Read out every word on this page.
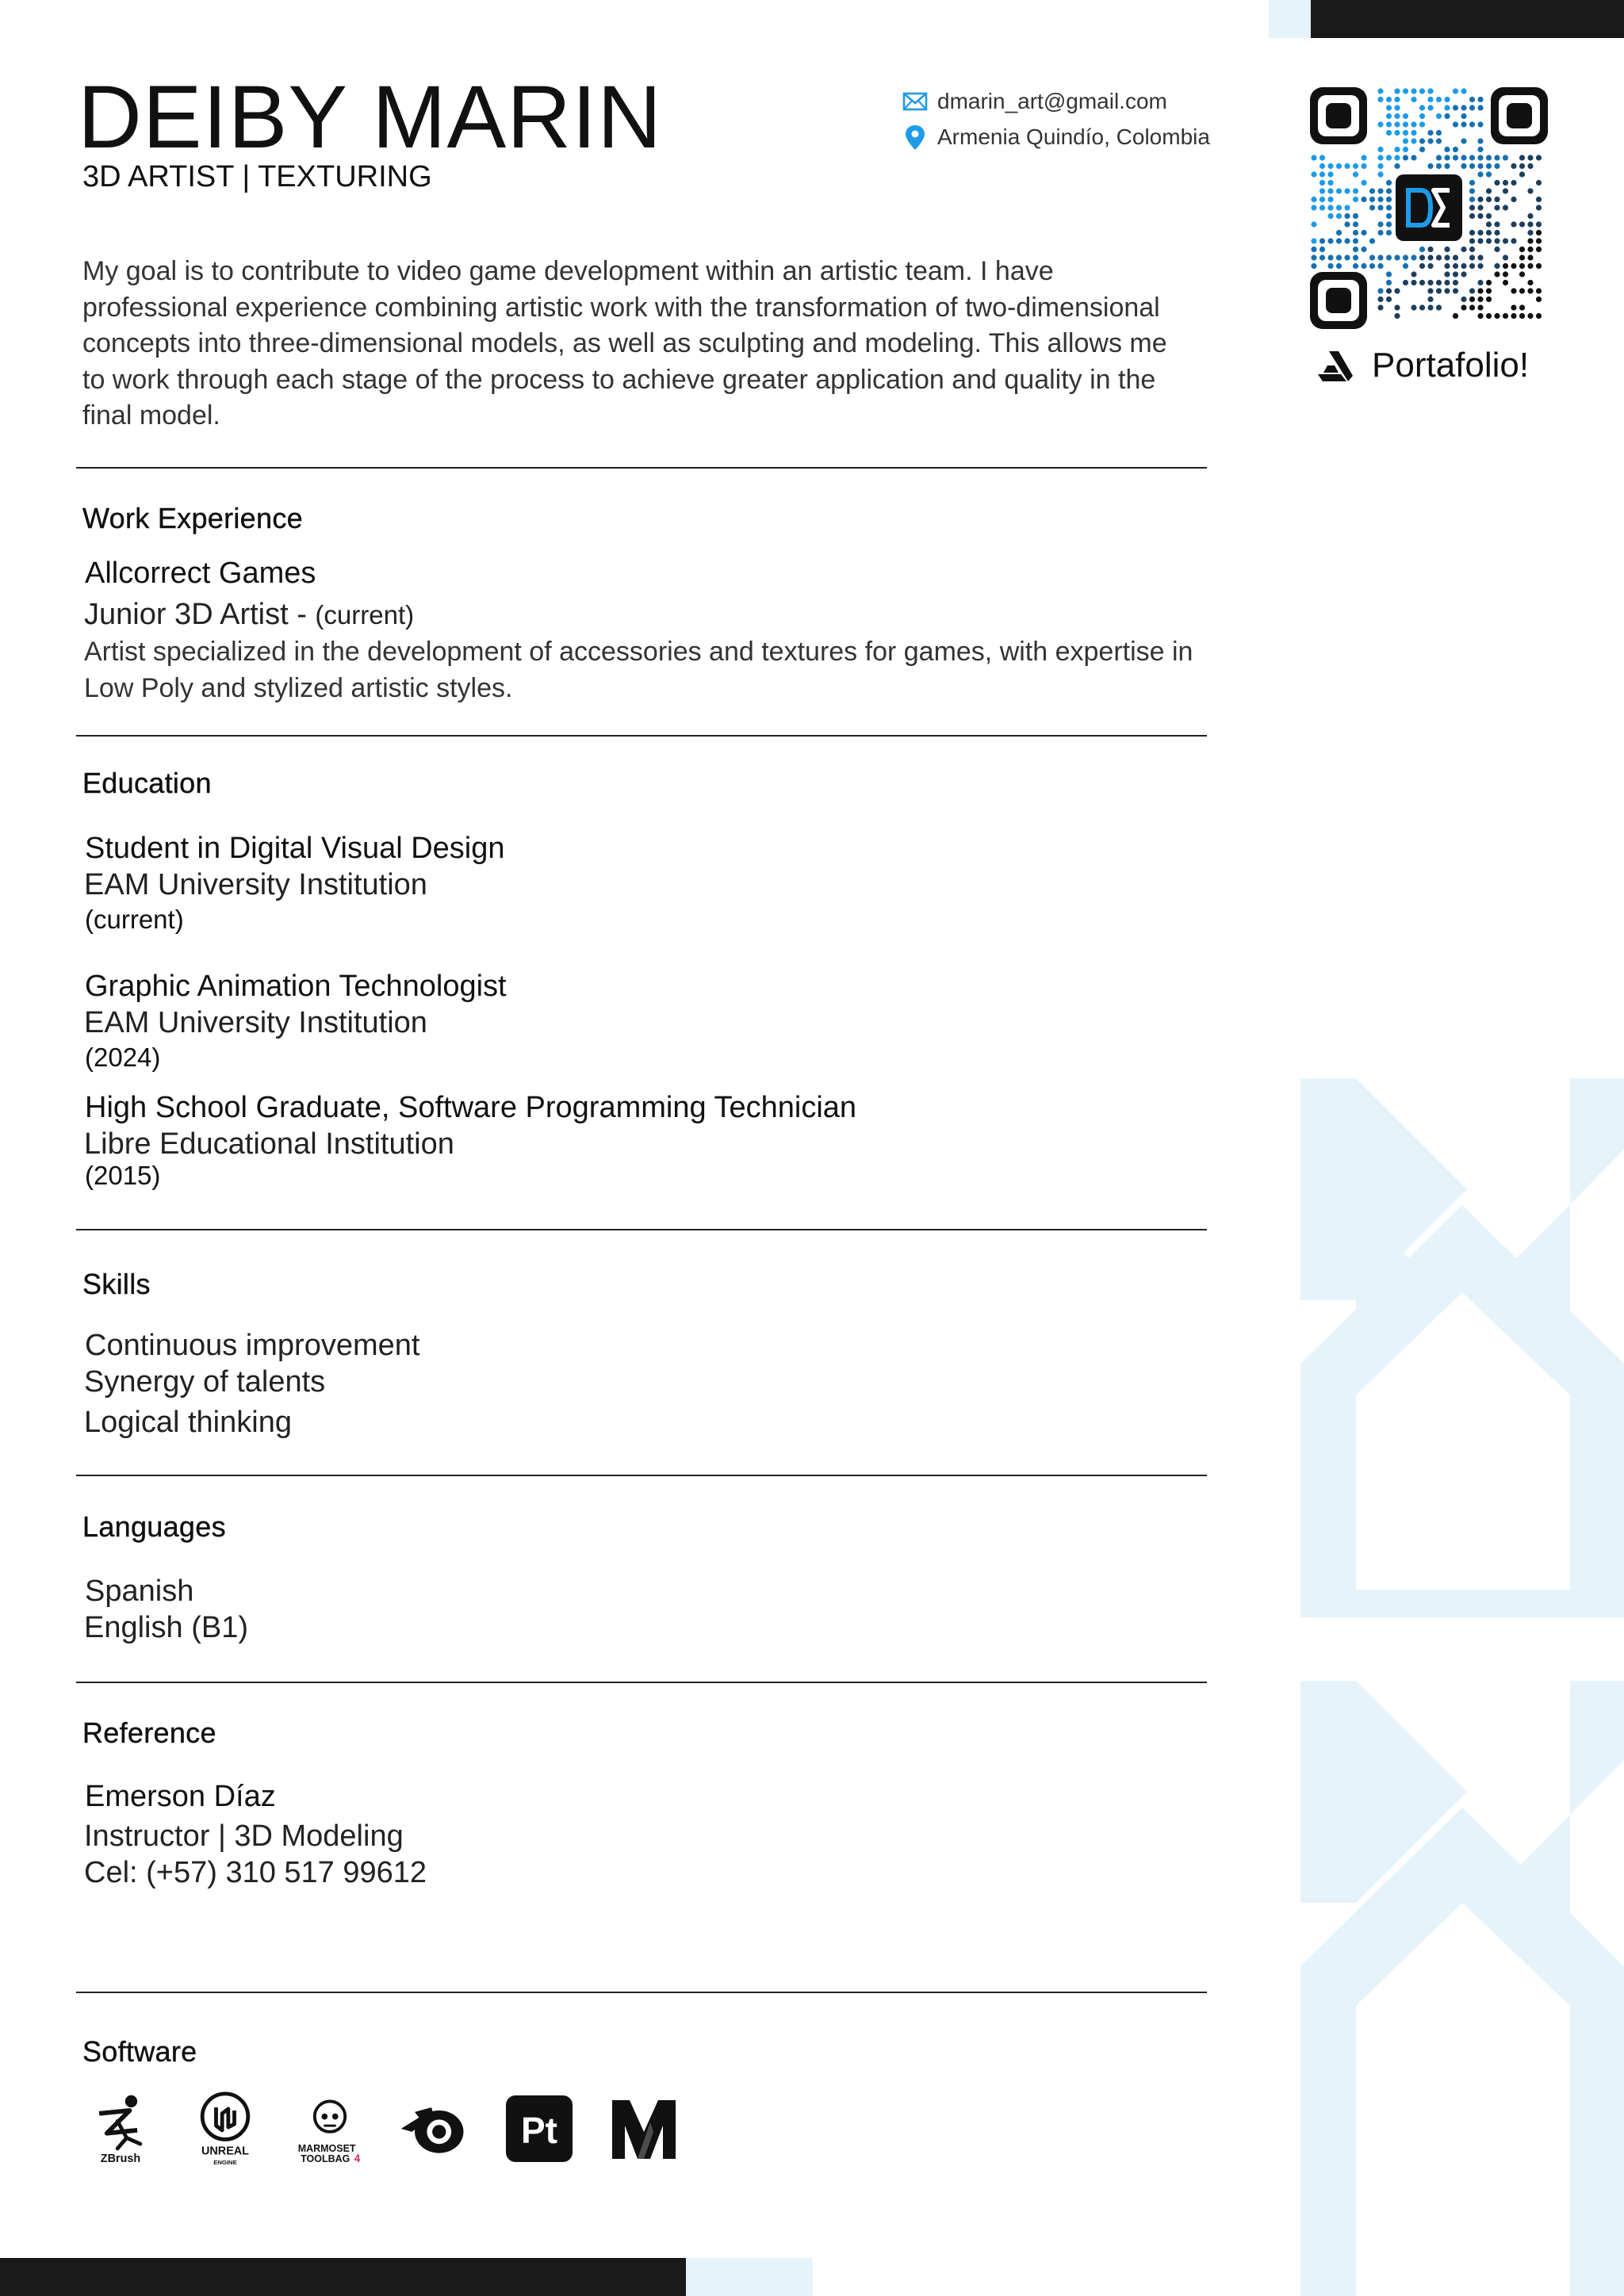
DEIBY MARIN
3D ARTIST | TEXTURING
dmarin_art@gmail.com
Armenia Quindío, Colombia
Portafolio!

My goal is to contribute to video game development within an artistic team. I have professional experience combining artistic work with the transformation of two-dimensional concepts into three-dimensional models, as well as sculpting and modeling. This allows me to work through each stage of the process to achieve greater application and quality in the final model.

Work Experience
Allcorrect Games
Junior 3D Artist - (current)

Artist specialized in the development of accessories and textures for games, with expertise in Low Poly and stylized artistic styles.

Education
Student in Digital Visual Design
EAM University Institution
(current)
Graphic Animation Technologist
EAM University Institution
(2024)
High School Graduate, Software Programming Technician
Libre Educational Institution
(2015)
Skills
Continuous improvement
Synergy of talents
Logical thinking
Languages
Spanish
English (B1)
Reference
Emerson Díaz
Instructor | 3D Modeling
Cel: (+57) 310 517 99612
Software
ZBrush
UNREAL
ENGINE
MARMOSET
TOOLBAG 4
Pt
